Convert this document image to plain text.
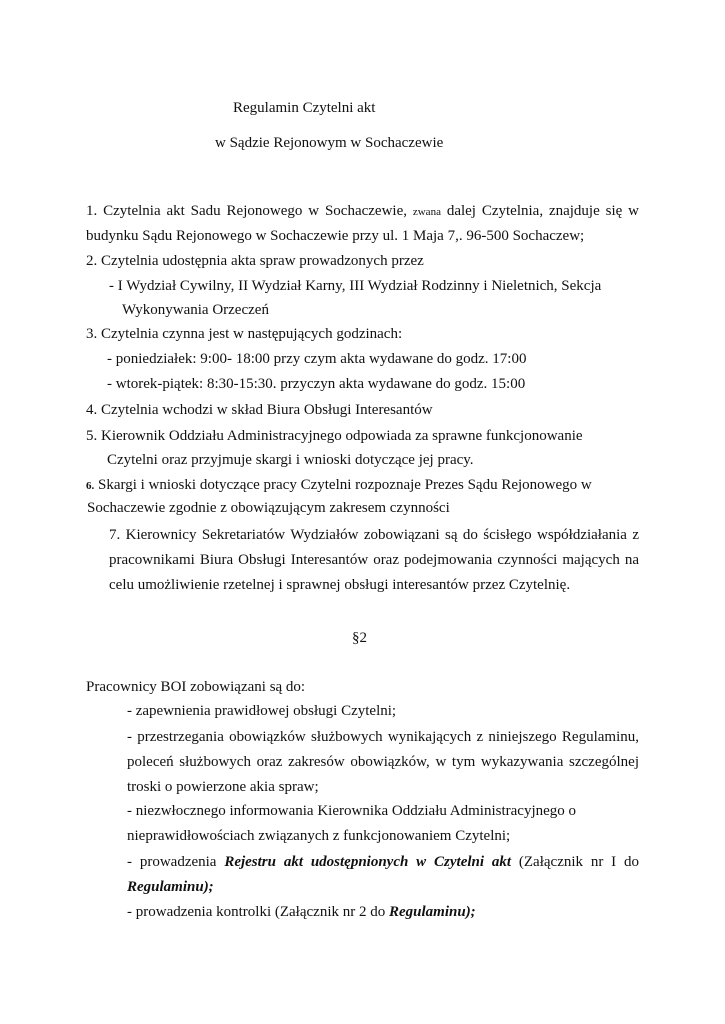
Regulamin Czytelni akt
w Sądzie Rejonowym w Sochaczewie
1. Czytelnia akt Sadu Rejonowego w Sochaczewie, zwana dalej Czytelnia, znajduje się w
budynku Sądu Rejonowego w Sochaczewie przy ul. 1 Maja 7,. 96-500 Sochaczew;
2. Czytelnia udostępnia akta spraw prowadzonych przez
- I Wydział Cywilny, II Wydział Karny, III Wydział Rodzinny i Nieletnich, Sekcja
Wykonywania Orzeczeń
3. Czytelnia czynna jest w następujących godzinach:
- poniedziałek: 9:00- 18:00 przy czym akta wydawane do godz. 17:00
- wtorek-piątek: 8:30-15:30. przyczyn akta wydawane do godz. 15:00
4. Czytelnia wchodzi w skład Biura Obsługi Interesantów
5. Kierownik Oddziału Administracyjnego odpowiada za sprawne funkcjonowanie
Czytelni oraz przyjmuje skargi i wnioski dotyczące jej pracy.
6. Skargi i wnioski dotyczące pracy Czytelni rozpoznaje Prezes Sądu Rejonowego w
Sochaczewie zgodnie z obowiązującym zakresem czynności
7. Kierownicy Sekretariatów Wydziałów zobowiązani są do ścisłego współdziałania z
pracownikami Biura Obsługi Interesantów oraz podejmowania czynności mających na
celu umożliwienie rzetelnej i sprawnej obsługi interesantów przez Czytelnię.
§2
Pracownicy BOI zobowiązani są do:
- zapewnienia prawidłowej obsługi Czytelni;
- przestrzegania obowiązków służbowych wynikających z niniejszego Regulaminu,
poleceń służbowych oraz zakresów obowiązków, w tym wykazywania szczególnej
troski o powierzone akia spraw;
- niezwłocznego informowania Kierownika Oddziału Administracyjnego o
nieprawidłowościach związanych z funkcjonowaniem Czytelni;
- prowadzenia Rejestru akt udostępnionych w Czytelni akt (Załącznik nr I do
Regulaminu);
- prowadzenia kontrolki (Załącznik nr 2 do Regulaminu);
